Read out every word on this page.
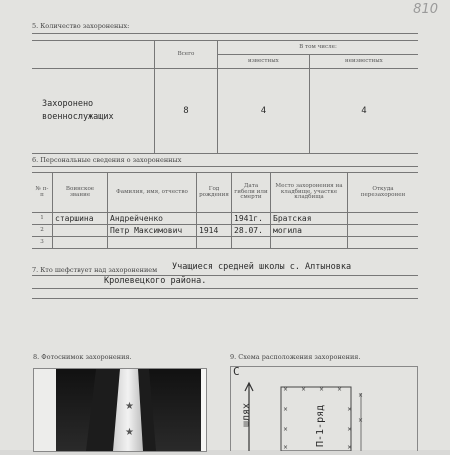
810
5. Количество захороненых:
	Всего	В том числе:	
		известных	неизвестных

Захоронено
военнослужащих	8	4	4
6. Персональные сведения о захороненных
№ п-п	Воинское звание	Фамилия, имя, отчество	Год рождения	Дата гибели или смерти	Место захоронения на кладбище, участке кладбища	Откуда перезахоронен
1	старшина	Андрейченко		1941г.	Братская	
2		Петр Максимович	1914	28.07.	могила	
3						
7. Кто шефствует над захоронением Учащиеся средней школы с. Алтыновка
Кролевецкого района.
8. Фотоснимок захоронения.
★
★
9. Схема расположения захоронения.
× × × ×
×
×
×
×
×
×
×
×
С
шлях	П-1-ряд
